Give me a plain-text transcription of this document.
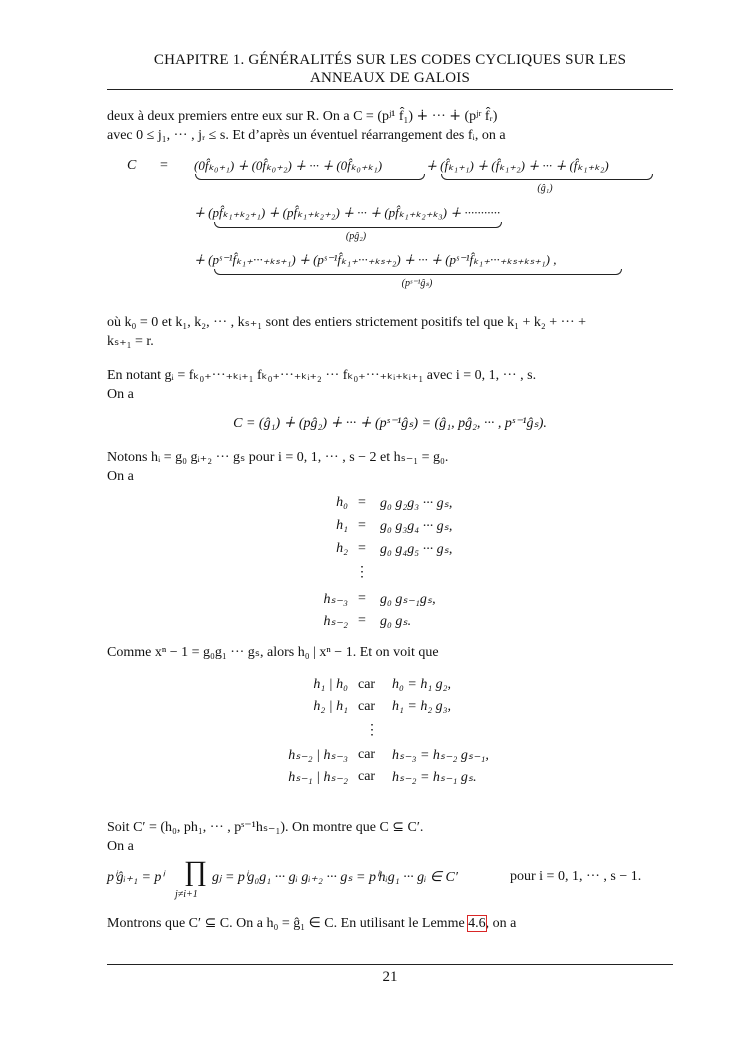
CHAPITRE 1. GÉNÉRALITÉS SUR LES CODES CYCLIQUES SUR LES
ANNEAUX DE GALOIS
deux à deux premiers entre eux sur R. On a C = (pʲ¹ f̂₁) ∔ ··· ∔ (pʲʳ f̂ᵣ)
avec 0 ≤ j₁, ··· , jᵣ ≤ s. Et d’après un éventuel réarrangement des fᵢ, on a
C = (0f̂ₖ₀₊₁) ∔ (0f̂ₖ₀₊₂) ∔ ··· ∔ (0f̂ₖ₀₊ₖ₁)	∔ (f̂ₖ₁₊₁) ∔ (f̂ₖ₁₊₂) ∔ ··· ∔ (f̂ₖ₁₊ₖ₂)
(ĝ₁)
∔ (pf̂ₖ₁₊ₖ₂₊₁) ∔ (pf̂ₖ₁₊ₖ₂₊₂) ∔ ··· ∔ (pf̂ₖ₁₊ₖ₂₊ₖ₃) ∔ ···········
(pĝ₂)
∔ (pˢ⁻¹f̂ₖ₁₊···₊ₖₛ₊₁) ∔ (pˢ⁻¹f̂ₖ₁₊···₊ₖₛ₊₂) ∔ ··· ∔ (pˢ⁻¹f̂ₖ₁₊···₊ₖₛ₊ₖₛ₊₁) ,
(pˢ⁻¹ĝₛ)
où k₀ = 0 et k₁, k₂, ··· , kₛ₊₁ sont des entiers strictement positifs tel que k₁ + k₂ + ··· +
kₛ₊₁ = r.
En notant gᵢ = fₖ₀₊···₊ₖᵢ₊₁ fₖ₀₊···₊ₖᵢ₊₂ ··· fₖ₀₊···₊ₖᵢ₊ₖᵢ₊₁ avec i = 0, 1, ··· , s.
On a
C = (ĝ₁) ∔ (pĝ₂) ∔ ··· ∔ (pˢ⁻¹ĝₛ) = (ĝ₁, pĝ₂, ··· , pˢ⁻¹ĝₛ).
Notons hᵢ = g₀ gᵢ₊₂ ··· gₛ pour i = 0, 1, ··· , s − 2 et hₛ₋₁ = g₀.
On a
h₀ =	g₀ g₂g₃ ··· gₛ,
h₁ =	g₀ g₃g₄ ··· gₛ,
h₂ =	g₀ g₄g₅ ··· gₛ,
⋮
hₛ₋₃ =	g₀ gₛ₋₁gₛ,
hₛ₋₂ =	g₀ gₛ.
Comme xⁿ − 1 = g₀g₁ ··· gₛ, alors h₀ | xⁿ − 1. Et on voit que
h₁ | h₀ car h₀ = h₁ g₂,
h₂ | h₁ car h₁ = h₂ g₃,
⋮
hₛ₋₂ | hₛ₋₃ car hₛ₋₃ = hₛ₋₂ gₛ₋₁,
hₛ₋₁ | hₛ₋₂ car hₛ₋₂ = hₛ₋₁ gₛ.
Soit C′ = (h₀, ph₁, ··· , pˢ⁻¹hₛ₋₁). On montre que C ⊆ C′.
On a
pⁱĝᵢ₊₁ = pⁱ ∏
j≠i+1
gⱼ = pⁱg₀g₁ ··· gᵢ gᵢ₊₂ ··· gₛ = pⁱhᵢg₁ ··· gᵢ ∈ C′	pour i = 0, 1, ··· , s − 1.
Montrons que C′ ⊆ C. On a h₀ = ĝ₁ ∈ C. En utilisant le Lemme 4.6, on a
21
